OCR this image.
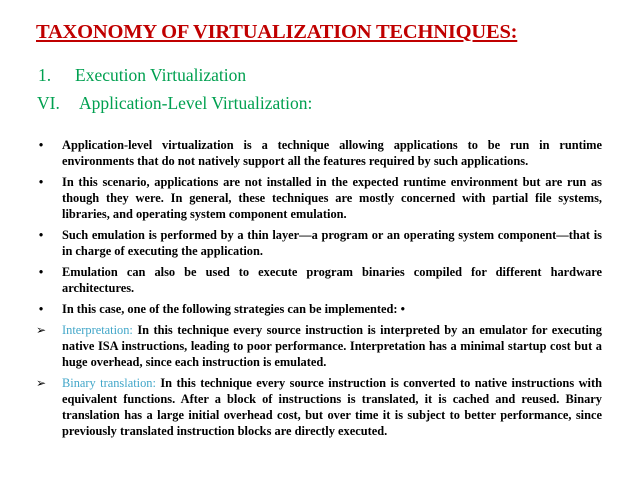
TAXONOMY OF VIRTUALIZATION TECHNIQUES:
1. Execution Virtualization
VI. Application-Level Virtualization:
•	Application-level virtualization is a technique allowing applications to be run in runtime environments that do not natively support all the features required by such applications.
•	In this scenario, applications are not installed in the expected runtime environment but are run as though they were. In general, these techniques are mostly concerned with partial file systems, libraries, and operating system component emulation.
•	Such emulation is performed by a thin layer—a program or an operating system component—that is in charge of executing the application.
•	Emulation can also be used to execute program binaries compiled for different hardware architectures.
•	In this case, one of the following strategies can be implemented: •
➢	Interpretation: In this technique every source instruction is interpreted by an emulator for executing native ISA instructions, leading to poor performance. Interpretation has a minimal startup cost but a huge overhead, since each instruction is emulated.
➢	Binary translation: In this technique every source instruction is converted to native instructions with equivalent functions. After a block of instructions is translated, it is cached and reused. Binary translation has a large initial overhead cost, but over time it is subject to better performance, since previously translated instruction blocks are directly executed.
